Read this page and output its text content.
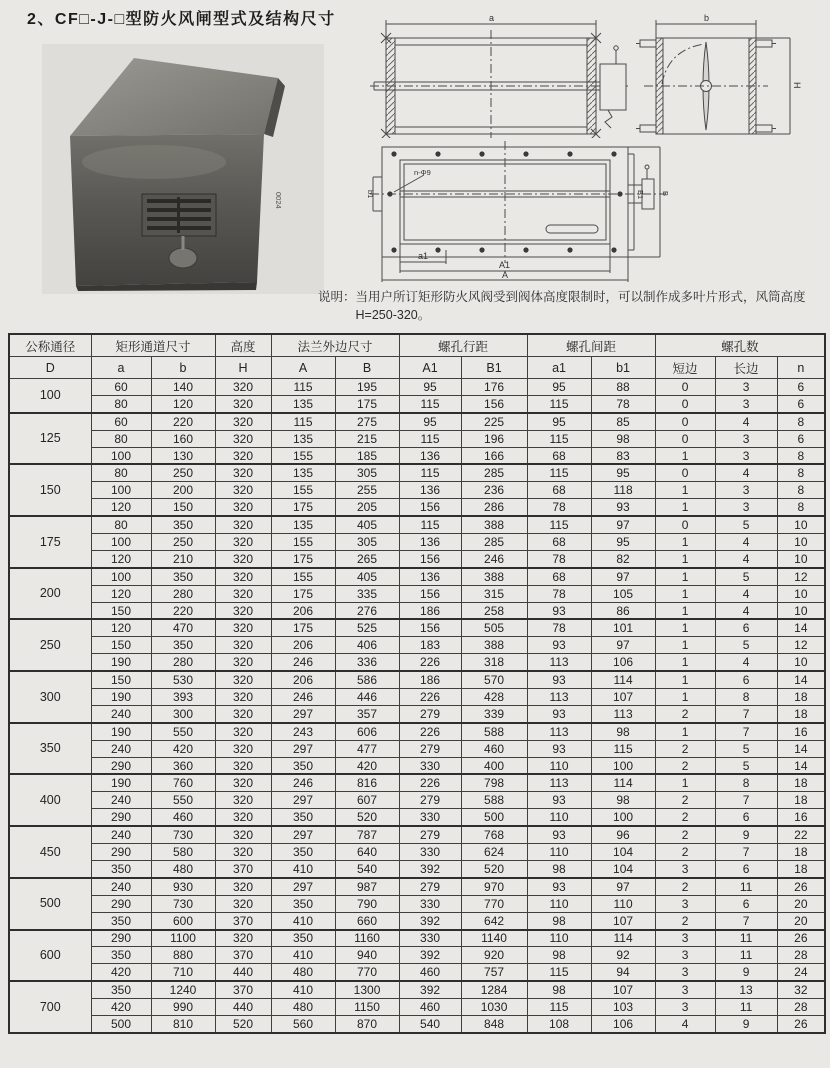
2、CF□-J-□型防火风闸型式及结构尺寸
0024
a	b
H
n-Φ9
a1
A1
A
B1 B
b1
说明： 当用户所订矩形防火风阀受到阀体高度限制时，可以制作成多叶片形式，风筒高度H=250-320。
公称通径	矩形通道尺寸		高度	法兰外边尺寸		螺孔行距		螺孔间距		螺孔数		
D	a	b	H	A	B	A1	B1	a1	b1	短边	长边	n
100	60	140	320	115	195	95	176	95	88	0	3	6
	80	120	320	135	175	115	156	115	78	0	3	6
125	60	220	320	115	275	95	225	95	85	0	4	8
	80	160	320	135	215	115	196	115	98	0	3	6
	100	130	320	155	185	136	166	68	83	1	3	8
150	80	250	320	135	305	115	285	115	95	0	4	8
	100	200	320	155	255	136	236	68	118	1	3	8
	120	150	320	175	205	156	286	78	93	1	3	8
175	80	350	320	135	405	115	388	115	97	0	5	10
	100	250	320	155	305	136	285	68	95	1	4	10
	120	210	320	175	265	156	246	78	82	1	4	10
200	100	350	320	155	405	136	388	68	97	1	5	12
	120	280	320	175	335	156	315	78	105	1	4	10
	150	220	320	206	276	186	258	93	86	1	4	10
250	120	470	320	175	525	156	505	78	101	1	6	14
	150	350	320	206	406	183	388	93	97	1	5	12
	190	280	320	246	336	226	318	113	106	1	4	10
300	150	530	320	206	586	186	570	93	114	1	6	14
	190	393	320	246	446	226	428	113	107	1	8	18
	240	300	320	297	357	279	339	93	113	2	7	18
350	190	550	320	243	606	226	588	113	98	1	7	16
	240	420	320	297	477	279	460	93	115	2	5	14
	290	360	320	350	420	330	400	110	100	2	5	14
400	190	760	320	246	816	226	798	113	114	1	8	18
	240	550	320	297	607	279	588	93	98	2	7	18
	290	460	320	350	520	330	500	110	100	2	6	16
450	240	730	320	297	787	279	768	93	96	2	9	22
	290	580	320	350	640	330	624	110	104	2	7	18
	350	480	370	410	540	392	520	98	104	3	6	18
500	240	930	320	297	987	279	970	93	97	2	11	26
	290	730	320	350	790	330	770	110	110	3	6	20
	350	600	370	410	660	392	642	98	107	2	7	20
600	290	1100	320	350	1160	330	1140	110	114	3	11	26
	350	880	370	410	940	392	920	98	92	3	11	28
	420	710	440	480	770	460	757	115	94	3	9	24
700	350	1240	370	410	1300	392	1284	98	107	3	13	32
	420	990	440	480	1150	460	1030	115	103	3	11	28
	500	810	520	560	870	540	848	108	106	4	9	26
